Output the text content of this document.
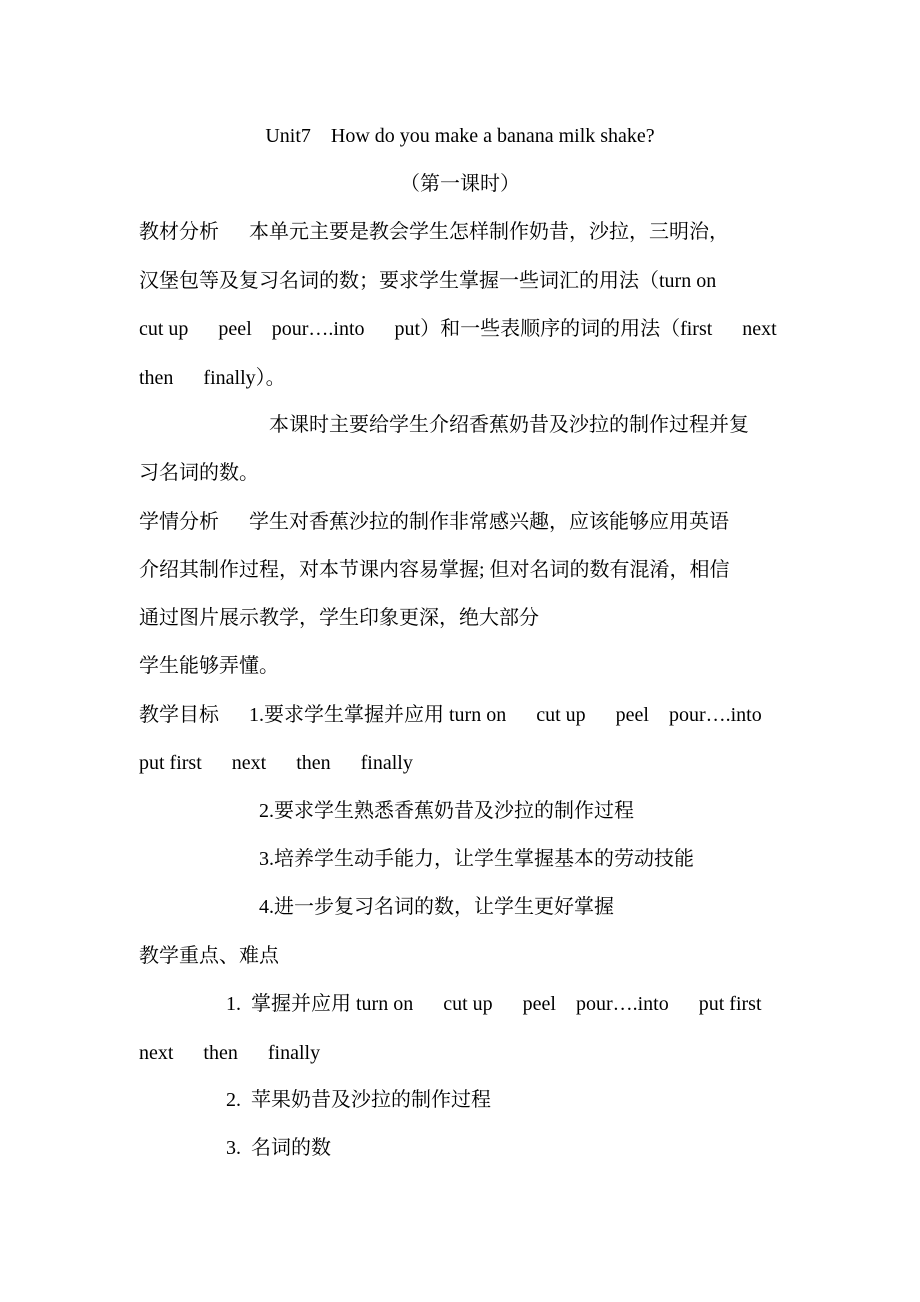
Unit7    How do you make a banana milk shake?

（第一课时）

教材分析      本单元主要是教会学生怎样制作奶昔，沙拉，三明治，

汉堡包等及复习名词的数；要求学生掌握一些词汇的用法（turn on

cut up      peel    pour….into      put）和一些表顺序的词的用法（first      next

then      finally）。

本课时主要给学生介绍香蕉奶昔及沙拉的制作过程并复

习名词的数。

学情分析      学生对香蕉沙拉的制作非常感兴趣，应该能够应用英语

介绍其制作过程，对本节课内容易掌握; 但对名词的数有混淆，相信

通过图片展示教学，学生印象更深，绝大部分

学生能够弄懂。

教学目标      1.要求学生掌握并应用 turn on      cut up      peel    pour….into

put first      next      then      finally

2.要求学生熟悉香蕉奶昔及沙拉的制作过程

3.培养学生动手能力，让学生掌握基本的劳动技能

4.进一步复习名词的数，让学生更好掌握

教学重点、难点

1.  掌握并应用 turn on      cut up      peel    pour….into      put first

next      then      finally

2.  苹果奶昔及沙拉的制作过程

3.  名词的数
